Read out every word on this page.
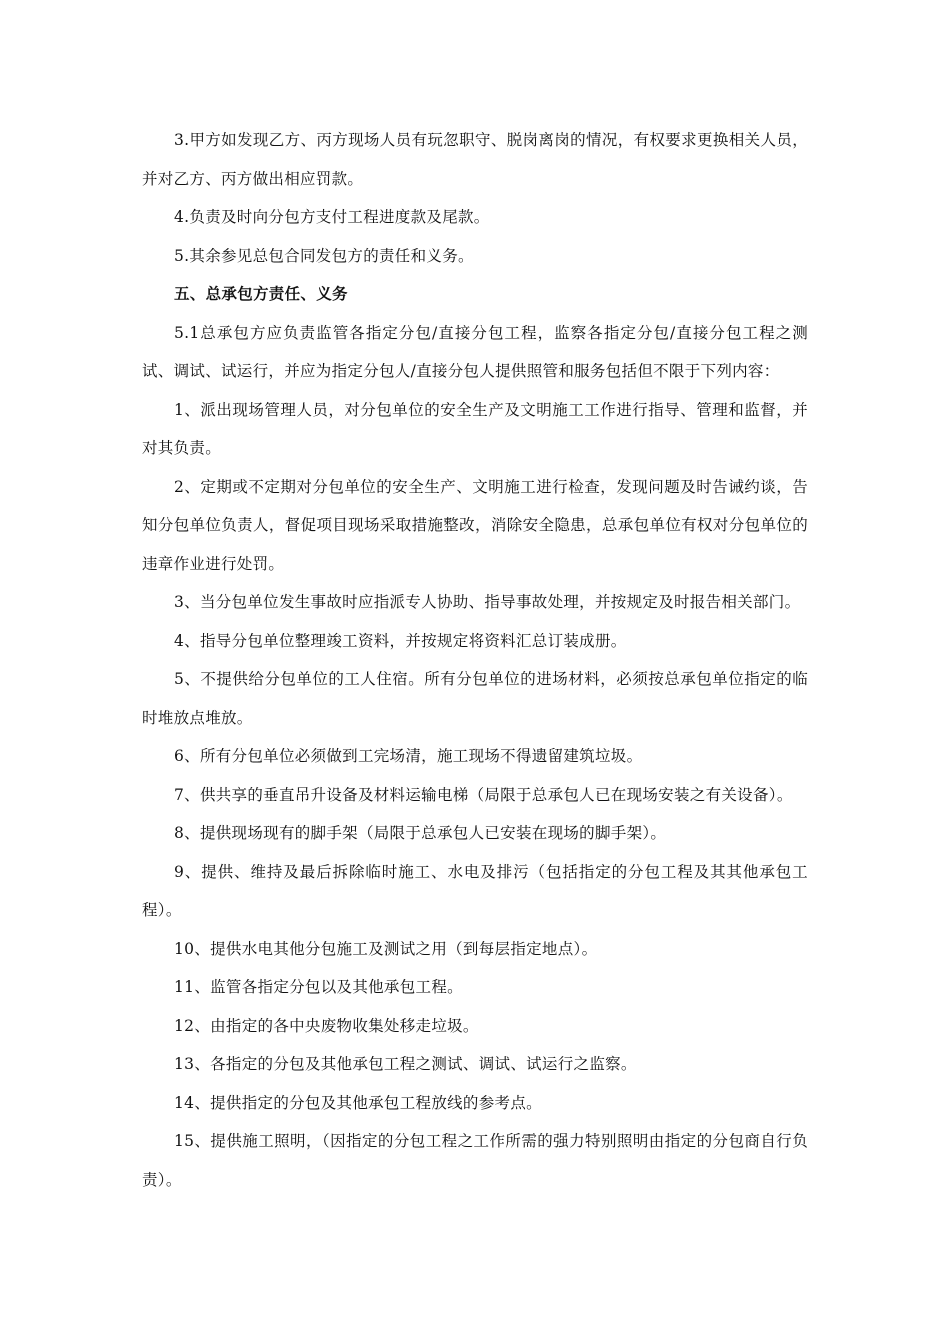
3.甲方如发现乙方、丙方现场人员有玩忽职守、脱岗离岗的情况，有权要求更换相关人员，并对乙方、丙方做出相应罚款。

4.负责及时向分包方支付工程进度款及尾款。

5.其余参见总包合同发包方的责任和义务。

五、总承包方责任、义务

5.1总承包方应负责监管各指定分包/直接分包工程，监察各指定分包/直接分包工程之测试、调试、试运行，并应为指定分包人/直接分包人提供照管和服务包括但不限于下列内容：

1、派出现场管理人员，对分包单位的安全生产及文明施工工作进行指导、管理和监督，并对其负责。

2、定期或不定期对分包单位的安全生产、文明施工进行检查，发现问题及时告诫约谈，告知分包单位负责人，督促项目现场采取措施整改，消除安全隐患，总承包单位有权对分包单位的违章作业进行处罚。

3、当分包单位发生事故时应指派专人协助、指导事故处理，并按规定及时报告相关部门。

4、指导分包单位整理竣工资料，并按规定将资料汇总订装成册。

5、不提供给分包单位的工人住宿。所有分包单位的进场材料，必须按总承包单位指定的临时堆放点堆放。

6、所有分包单位必须做到工完场清，施工现场不得遗留建筑垃圾。

7、供共享的垂直吊升设备及材料运输电梯（局限于总承包人已在现场安装之有关设备）。

8、提供现场现有的脚手架（局限于总承包人已安装在现场的脚手架）。

9、提供、维持及最后拆除临时施工、水电及排污（包括指定的分包工程及其其他承包工程）。

10、提供水电其他分包施工及测试之用（到每层指定地点）。

11、监管各指定分包以及其他承包工程。

12、由指定的各中央废物收集处移走垃圾。

13、各指定的分包及其他承包工程之测试、调试、试运行之监察。

14、提供指定的分包及其他承包工程放线的参考点。

15、提供施工照明，（因指定的分包工程之工作所需的强力特别照明由指定的分包商自行负责）。
